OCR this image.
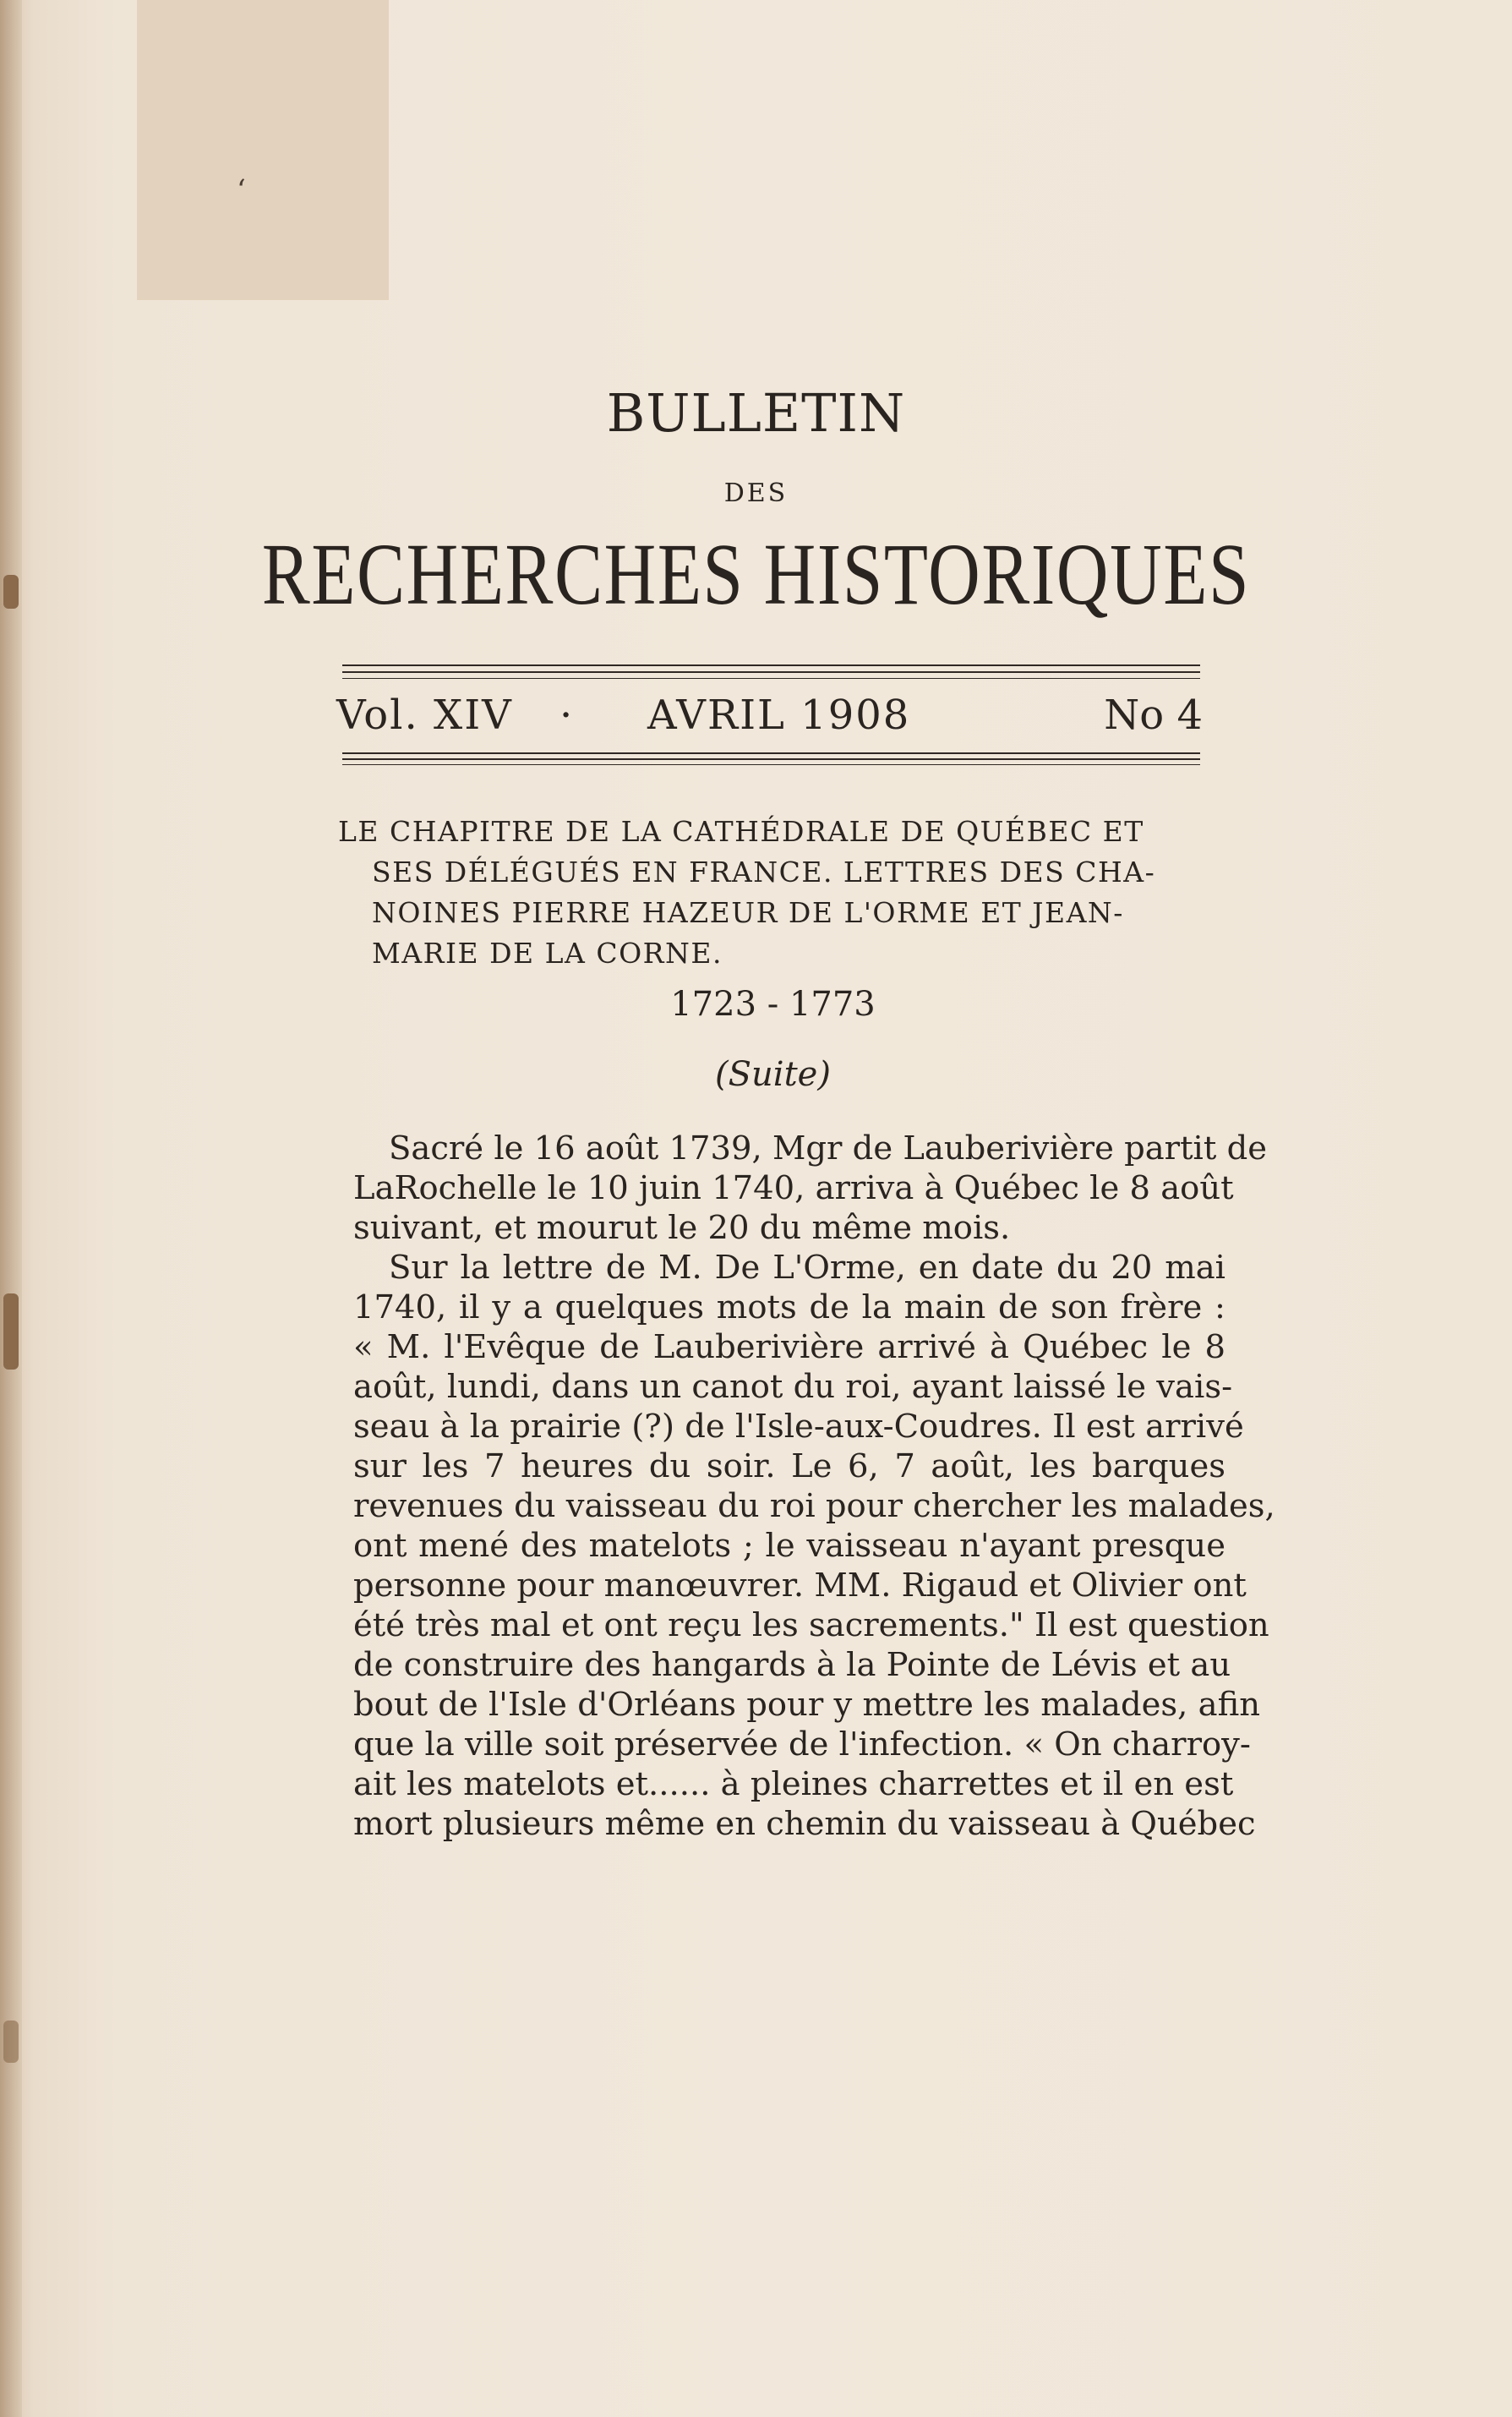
‘
BULLETIN
DES
RECHERCHES HISTORIQUES
Vol. XIV · AVRIL 1908	No 4
LE CHAPITRE DE LA CATHÉDRALE DE QUÉBEC ET
SES DÉLÉGUÉS EN FRANCE. LETTRES DES CHA-
NOINES PIERRE HAZEUR DE L'ORME ET JEAN-
MARIE DE LA CORNE.
1723 - 1773
(Suite)
Sacré le 16 août 1739, Mgr de Lauberivière partit de
LaRochelle le 10 juin 1740, arriva à Québec le 8 août
suivant, et mourut le 20 du même mois.
Sur la lettre de M. De L'Orme, en date du 20 mai
1740, il y a quelques mots de la main de son frère :
« M. l'Evêque de Lauberivière arrivé à Québec le 8
août, lundi, dans un canot du roi, ayant laissé le vais-
seau à la prairie (?) de l'Isle-aux-Coudres. Il est arrivé
sur les 7 heures du soir. Le 6, 7 août, les barques
revenues du vaisseau du roi pour chercher les malades,
ont mené des matelots ; le vaisseau n'ayant presque
personne pour manœuvrer. MM. Rigaud et Olivier ont
été très mal et ont reçu les sacrements." Il est question
de construire des hangards à la Pointe de Lévis et au
bout de l'Isle d'Orléans pour y mettre les malades, afin
que la ville soit préservée de l'infection. « On charroy-
ait les matelots et...... à pleines charrettes et il en est
mort plusieurs même en chemin du vaisseau à Québec
